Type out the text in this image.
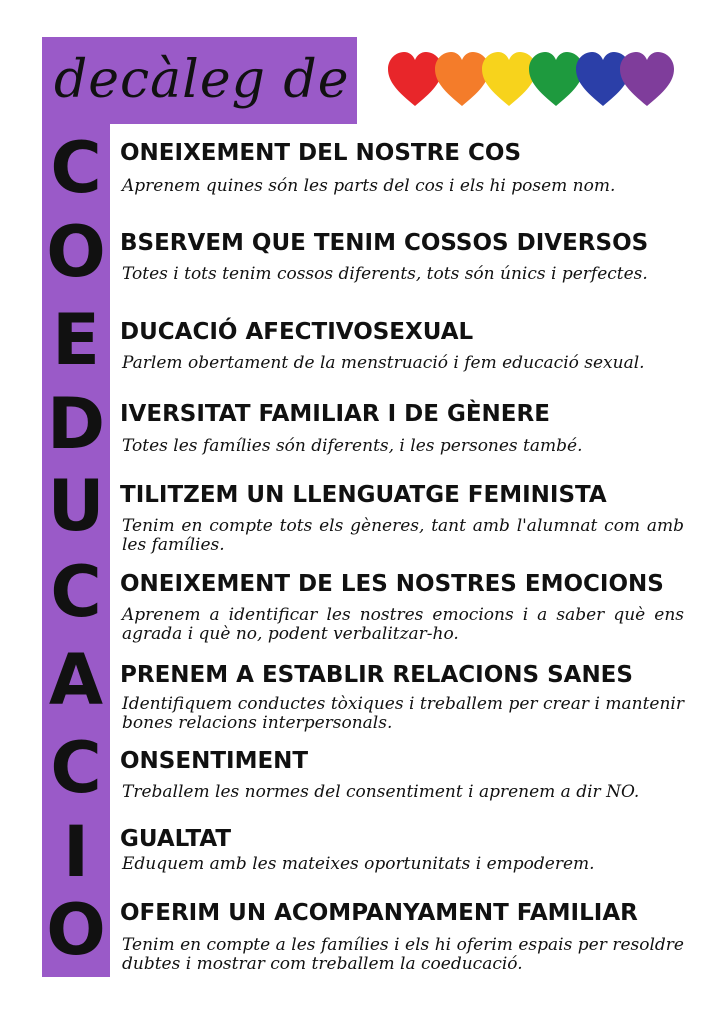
decàleg de
C
O
E
D
U
C
A
C
I
O
ONEIXEMENT DEL NOSTRE COS
Aprenem quines són les parts del cos i els hi posem nom.
BSERVEM QUE TENIM COSSOS DIVERSOS
Totes i tots tenim cossos diferents, tots són únics i perfectes.
DUCACIÓ AFECTIVOSEXUAL
Parlem obertament de la menstruació i fem educació sexual.
IVERSITAT FAMILIAR I DE GÈNERE
Totes les famílies són diferents, i les persones també.
TILITZEM UN LLENGUATGE FEMINISTA
Tenim en compte tots els gèneres, tant amb l'alumnat com amb les famílies.
ONEIXEMENT DE LES NOSTRES EMOCIONS
Aprenem a identificar les nostres emocions i a saber què ens agrada i què no, podent verbalitzar-ho.
PRENEM A ESTABLIR RELACIONS SANES
Identifiquem conductes tòxiques i treballem per crear i mantenir bones relacions interpersonals.
ONSENTIMENT
Treballem les normes del consentiment i aprenem a dir NO.
GUALTAT
Eduquem amb les mateixes oportunitats i empoderem.
OFERIM UN ACOMPANYAMENT FAMILIAR
Tenim en compte a les famílies i els hi oferim espais per resoldre dubtes i mostrar com treballem la coeducació.
